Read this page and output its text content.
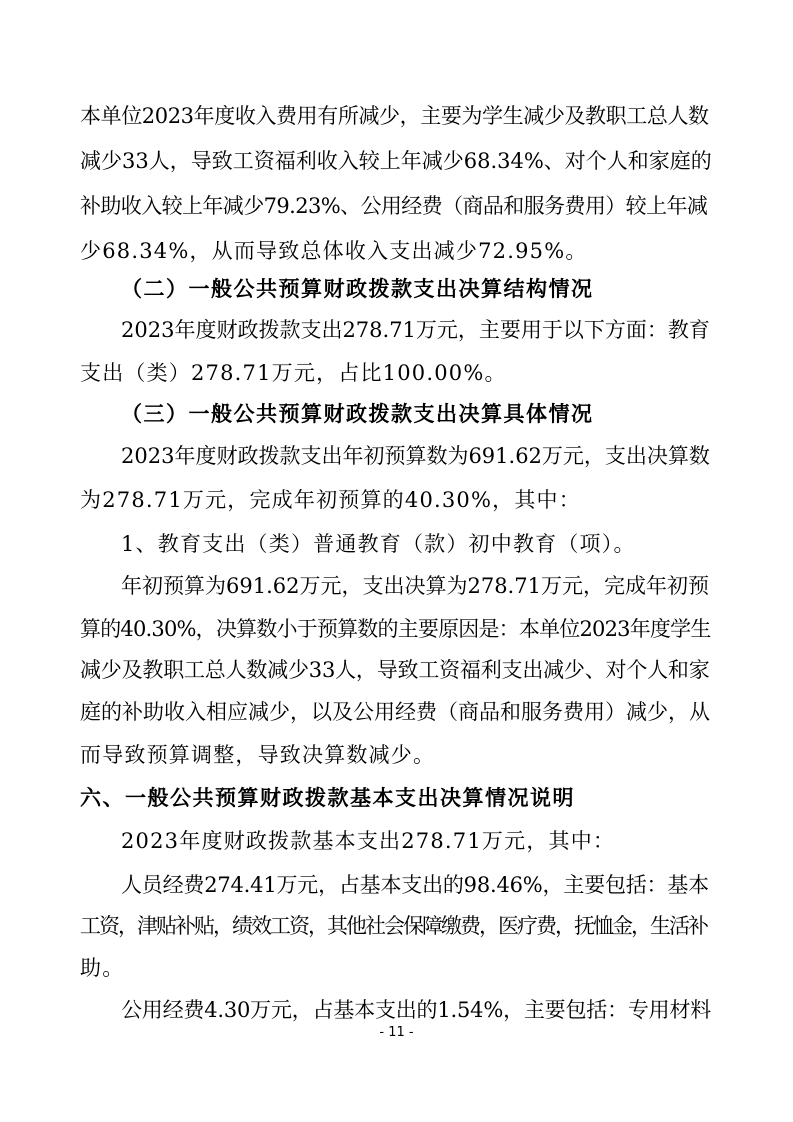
本单位2023年度收入费用有所减少，主要为学生减少及教职工总人数
减少33人，导致工资福利收入较上年减少68.34%、对个人和家庭的
补助收入较上年减少79.23%、公用经费（商品和服务费用）较上年减
少68.34%，从而导致总体收入支出减少72.95%。
（二）一般公共预算财政拨款支出决算结构情况
2023年度财政拨款支出278.71万元，主要用于以下方面：教育
支出（类）278.71万元，占比100.00%。
（三）一般公共预算财政拨款支出决算具体情况
2023年度财政拨款支出年初预算数为691.62万元，支出决算数
为278.71万元，完成年初预算的40.30%，其中：
1、教育支出（类）普通教育（款）初中教育（项）。
年初预算为691.62万元，支出决算为278.71万元，完成年初预
算的40.30%，决算数小于预算数的主要原因是：本单位2023年度学生
减少及教职工总人数减少33人，导致工资福利支出减少、对个人和家
庭的补助收入相应减少，以及公用经费（商品和服务费用）减少，从
而导致预算调整，导致决算数减少。
六、一般公共预算财政拨款基本支出决算情况说明
2023年度财政拨款基本支出278.71万元，其中：
人员经费274.41万元，占基本支出的98.46%，主要包括：基本
工资，津贴补贴，绩效工资，其他社会保障缴费，医疗费，抚恤金，生活补
助。
公用经费4.30万元，占基本支出的1.54%，主要包括：专用材料
- 11 -
